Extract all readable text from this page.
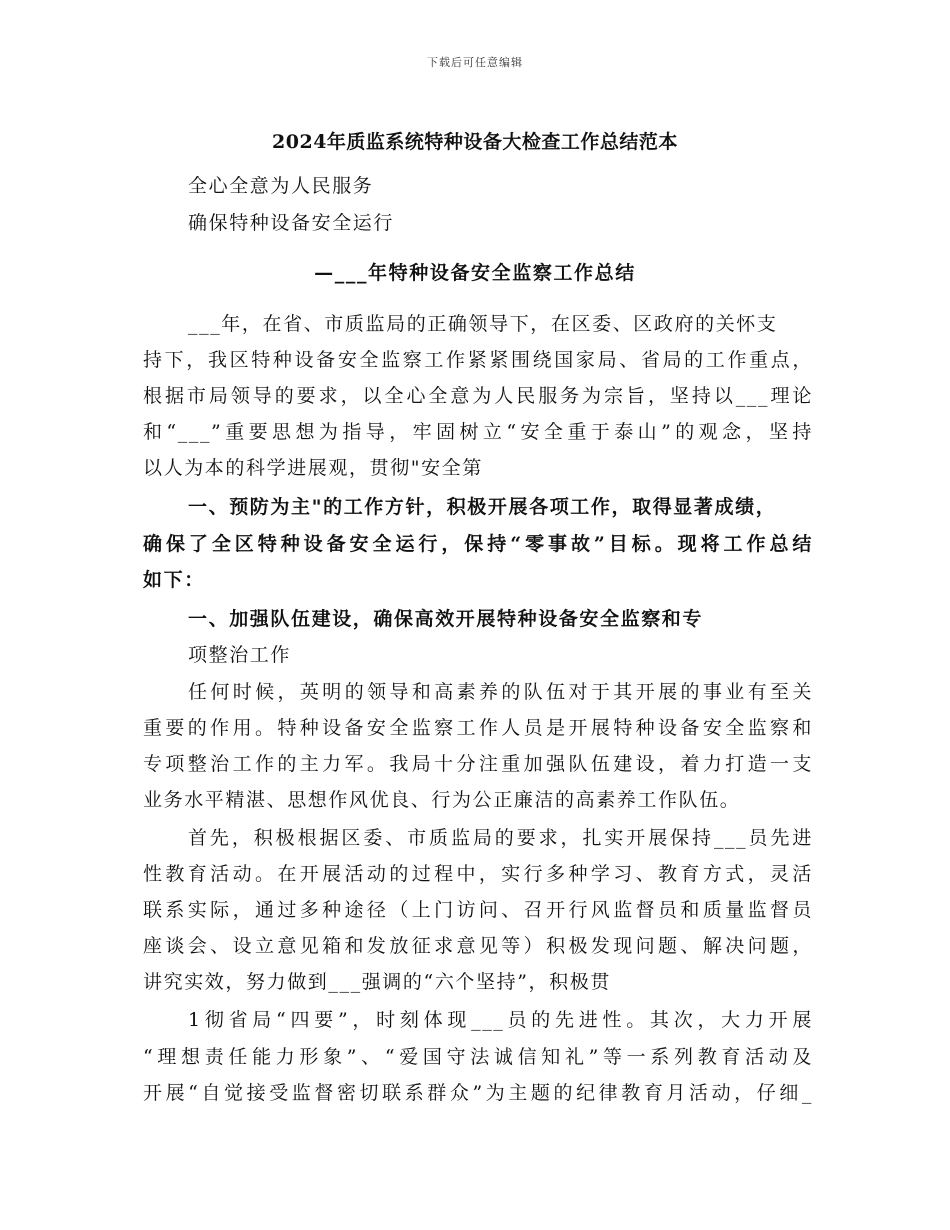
下载后可任意编辑
2024年质监系统特种设备大检查工作总结范本
全心全意为人民服务
确保特种设备安全运行
—___年特种设备安全监察工作总结
___年，在省、市质监局的正确领导下，在区委、区政府的关怀支
持下，我区特种设备安全监察工作紧紧围绕国家局、省局的工作重点，
根据市局领导的要求，以全心全意为人民服务为宗旨，坚持以___理论
和“___”重要思想为指导，牢固树立“安全重于泰山”的观念，坚持
以人为本的科学进展观，贯彻"安全第
一、预防为主"的工作方针，积极开展各项工作，取得显著成绩，
确保了全区特种设备安全运行，保持“零事故”目标。现将工作总结
如下：
一、加强队伍建设，确保高效开展特种设备安全监察和专
项整治工作
任何时候，英明的领导和高素养的队伍对于其开展的事业有至关
重要的作用。特种设备安全监察工作人员是开展特种设备安全监察和
专项整治工作的主力军。我局十分注重加强队伍建设，着力打造一支
业务水平精湛、思想作风优良、行为公正廉洁的高素养工作队伍。
首先，积极根据区委、市质监局的要求，扎实开展保持___员先进
性教育活动。在开展活动的过程中，实行多种学习、教育方式，灵活
联系实际，通过多种途径（上门访问、召开行风监督员和质量监督员
座谈会、设立意见箱和发放征求意见等）积极发现问题、解决问题，
讲究实效，努力做到___强调的“六个坚持”，积极贯
1彻省局“四要”，时刻体现___员的先进性。其次，大力开展
“理想责任能力形象”、“爱国守法诚信知礼”等一系列教育活动及
开展“自觉接受监督密切联系群众”为主题的纪律教育月活动，仔细_
